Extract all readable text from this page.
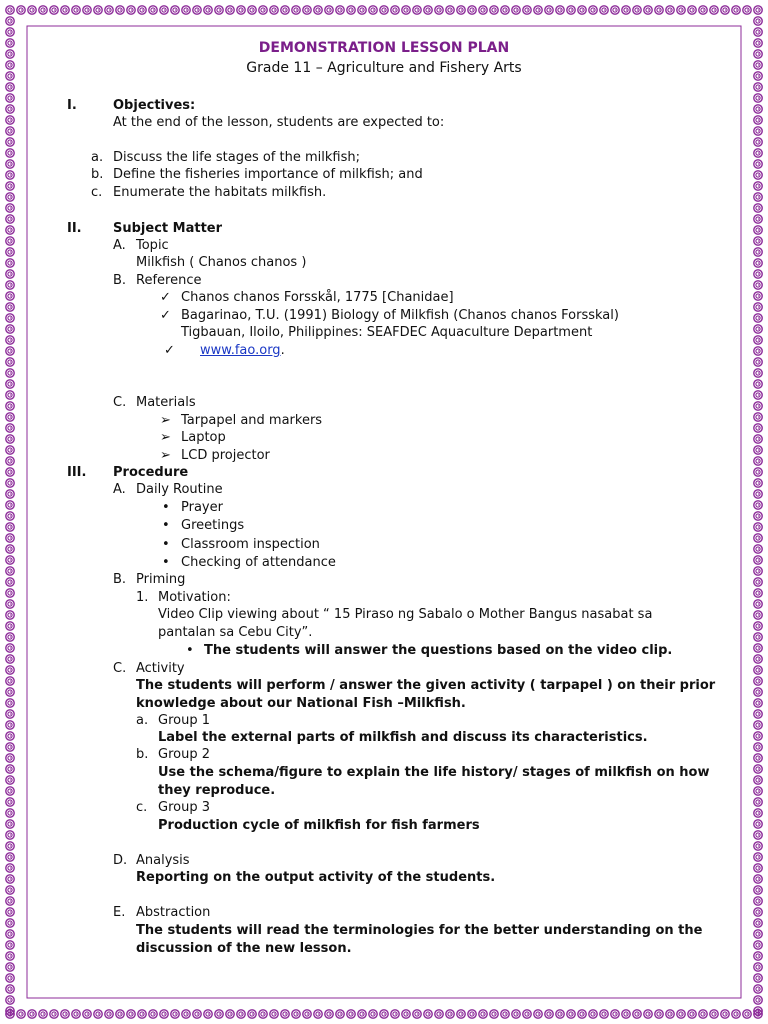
DEMONSTRATION LESSON PLAN
Grade 11 – Agriculture and Fishery Arts
I.	Objectives:
At the end of the lesson, students are expected to:
a. Discuss the life stages of the milkfish;
b. Define the fisheries importance of milkfish; and
c. Enumerate the habitats milkfish.
II. Subject Matter
A. Topic
Milkfish ( Chanos chanos )
B. Reference
✓ Chanos chanos Forsskål, 1775 [Chanidae]
✓ Bagarinao, T.U. (1991) Biology of Milkfish (Chanos chanos Forsskal)
Tigbauan, Iloilo, Philippines: SEAFDEC Aquaculture Department
✓ www.fao.org.
C. Materials
➢ Tarpapel and markers
➢ Laptop
➢ LCD projector
III. Procedure
A. Daily Routine
• Prayer
• Greetings
• Classroom inspection
• Checking of attendance
B. Priming
1. Motivation:
Video Clip viewing about “ 15 Piraso ng Sabalo o Mother Bangus nasabat sa
pantalan sa Cebu City”.
• The students will answer the questions based on the video clip.
C. Activity
The students will perform / answer the given activity ( tarpapel ) on their prior
knowledge about our National Fish –Milkfish.
a. Group 1
Label the external parts of milkfish and discuss its characteristics.
b. Group 2
Use the schema/figure to explain the life history/ stages of milkfish on how
they reproduce.
c. Group 3
Production cycle of milkfish for fish farmers
D. Analysis
Reporting on the output activity of the students.
E. Abstraction
The students will read the terminologies for the better understanding on the
discussion of the new lesson.
